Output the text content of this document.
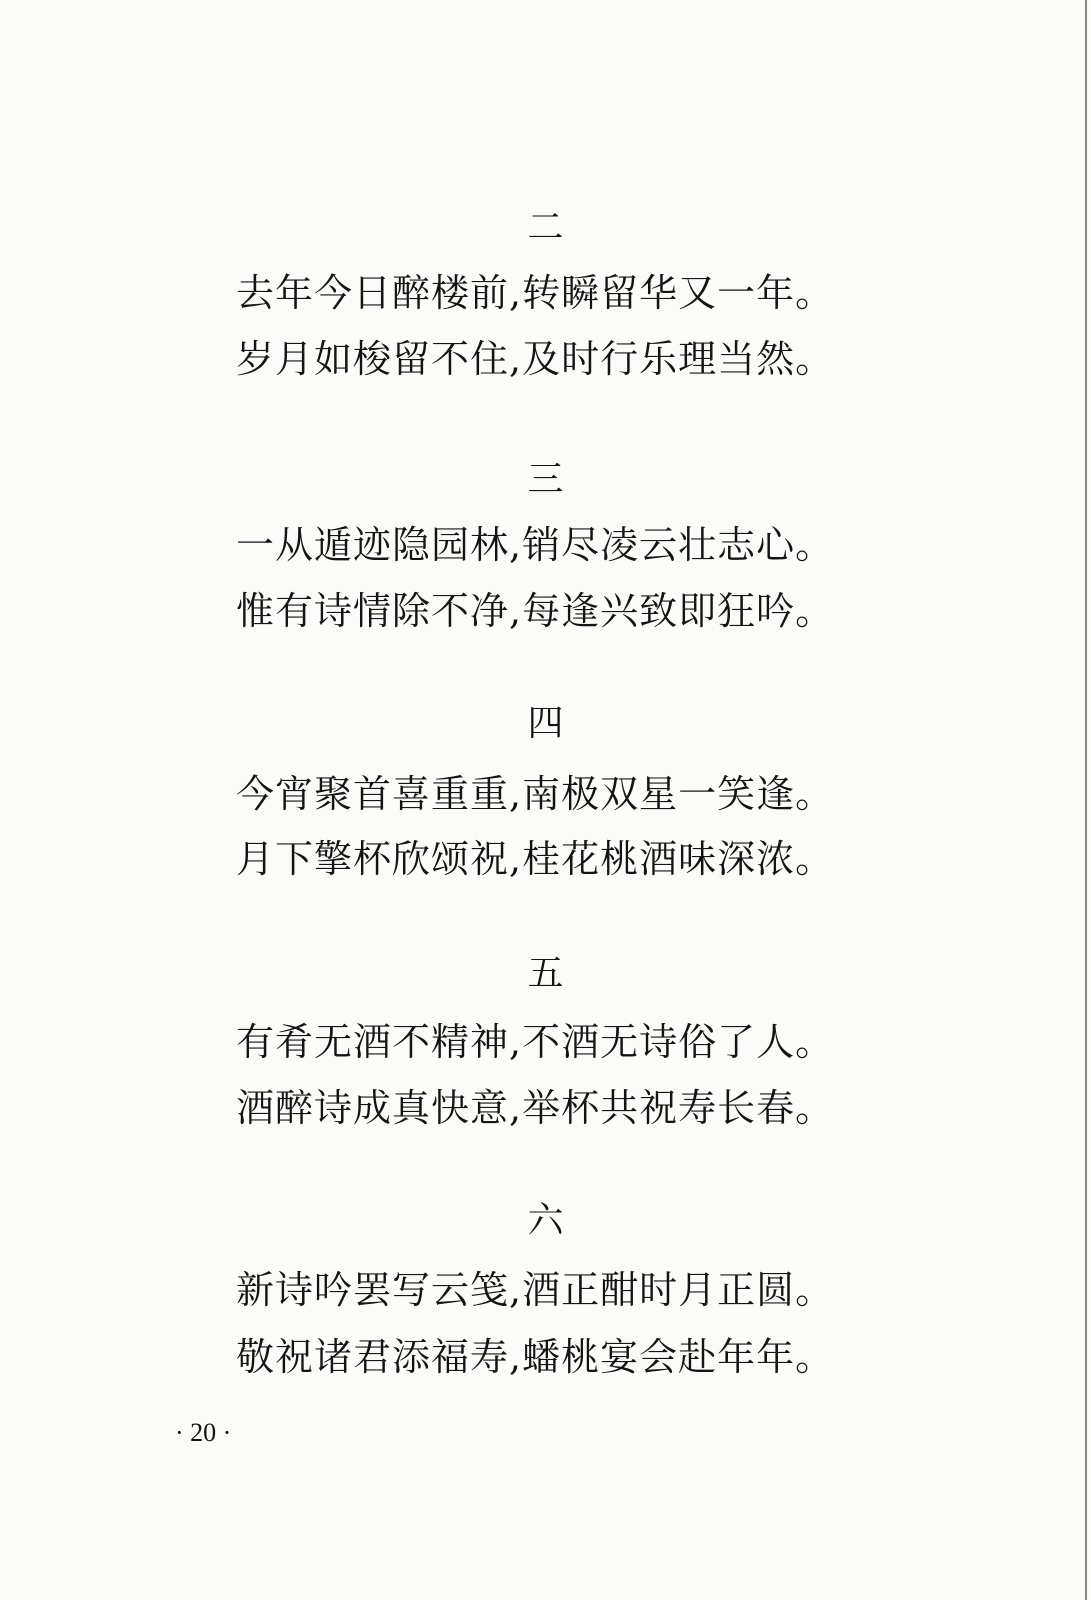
二
去年今日醉楼前,转瞬留华又一年。
岁月如梭留不住,及时行乐理当然。
三
一从遁迹隐园林,销尽凌云壮志心。
惟有诗情除不净,每逢兴致即狂吟。
四
今宵聚首喜重重,南极双星一笑逢。
月下擎杯欣颂祝,桂花桃酒味深浓。
五
有肴无酒不精神,不酒无诗俗了人。
酒醉诗成真快意,举杯共祝寿长春。
六
新诗吟罢写云笺,酒正酣时月正圆。
敬祝诸君添福寿,蟠桃宴会赴年年。
· 20 ·
